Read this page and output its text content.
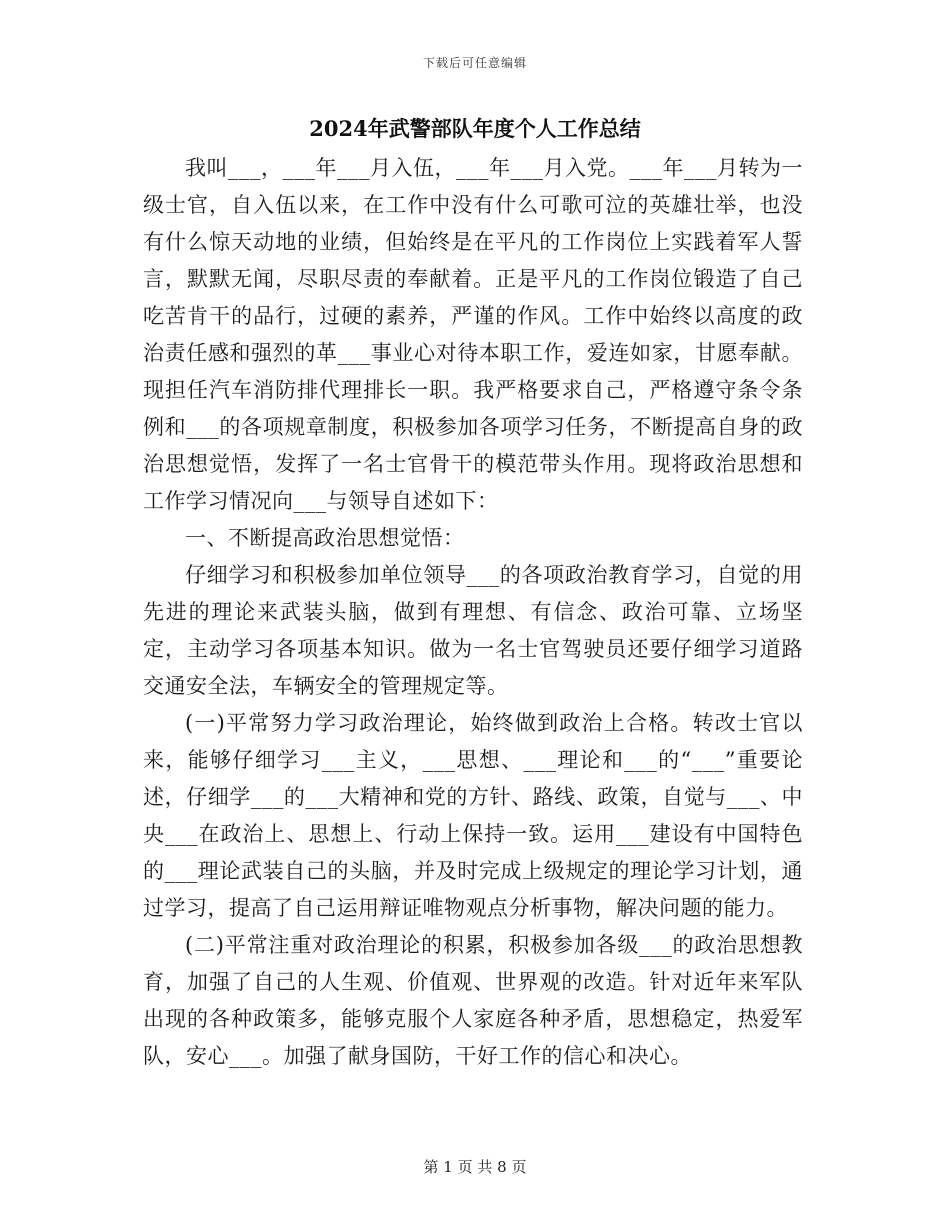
下载后可任意编辑
2024年武警部队年度个人工作总结

我叫___，___年___月入伍，___年___月入党。___年___月转为一级士官，自入伍以来，在工作中没有什么可歌可泣的英雄壮举，也没有什么惊天动地的业绩，但始终是在平凡的工作岗位上实践着军人誓言，默默无闻，尽职尽责的奉献着。正是平凡的工作岗位锻造了自己吃苦肯干的品行，过硬的素养，严谨的作风。工作中始终以高度的政治责任感和强烈的革___事业心对待本职工作，爱连如家，甘愿奉献。现担任汽车消防排代理排长一职。我严格要求自己，严格遵守条令条例和___的各项规章制度，积极参加各项学习任务，不断提高自身的政治思想觉悟，发挥了一名士官骨干的模范带头作用。现将政治思想和工作学习情况向___与领导自述如下：

一、不断提高政治思想觉悟：

仔细学习和积极参加单位领导___的各项政治教育学习，自觉的用先进的理论来武装头脑，做到有理想、有信念、政治可靠、立场坚定，主动学习各项基本知识。做为一名士官驾驶员还要仔细学习道路交通安全法，车辆安全的管理规定等。

(一)平常努力学习政治理论，始终做到政治上合格。转改士官以来，能够仔细学习___主义，___思想、___理论和___的“___”重要论述，仔细学___的___大精神和党的方针、路线、政策，自觉与___、中央___在政治上、思想上、行动上保持一致。运用___建设有中国特色的___理论武装自己的头脑，并及时完成上级规定的理论学习计划，通过学习，提高了自己运用辩证唯物观点分析事物，解决问题的能力。

(二)平常注重对政治理论的积累，积极参加各级___的政治思想教育，加强了自己的人生观、价值观、世界观的改造。针对近年来军队出现的各种政策多，能够克服个人家庭各种矛盾，思想稳定，热爱军队，安心___。加强了献身国防，干好工作的信心和决心。

第 1 页 共 8 页
